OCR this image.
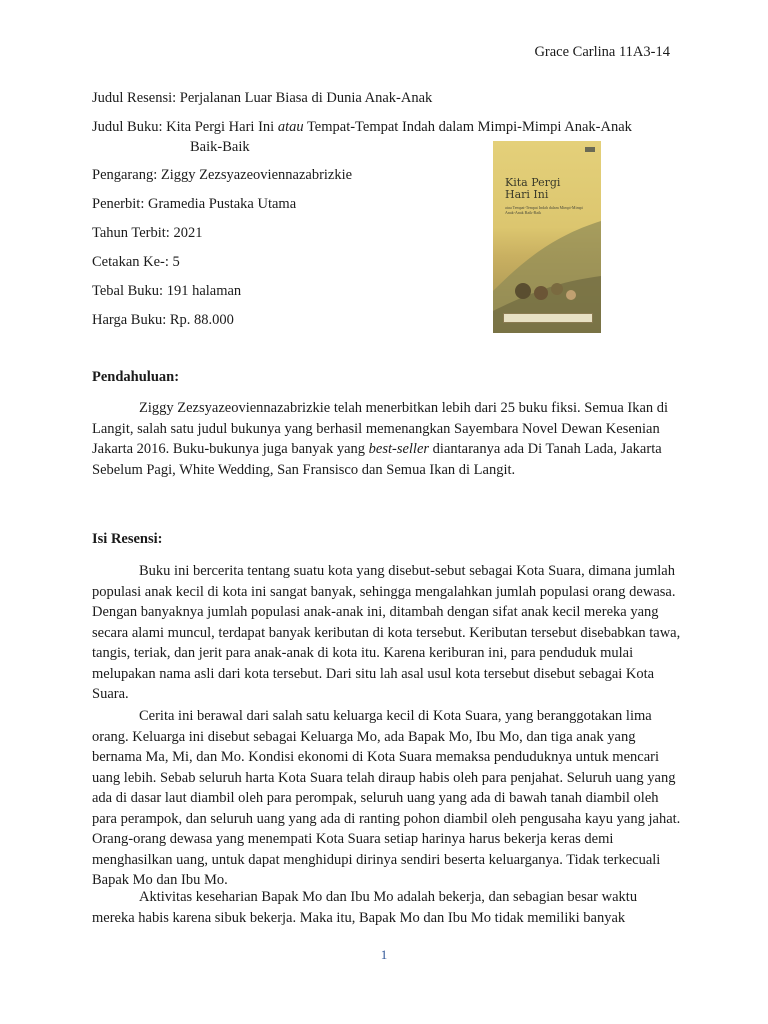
Grace Carlina 11A3-14
Judul Resensi: Perjalanan Luar Biasa di Dunia Anak-Anak
Judul Buku: Kita Pergi Hari Ini atau Tempat-Tempat Indah dalam Mimpi-Mimpi Anak-Anak
Baik-Baik
Pengarang: Ziggy Zezsyazeoviennazabrizkie
Penerbit: Gramedia Pustaka Utama
Tahun Terbit: 2021
Cetakan Ke-: 5
Tebal Buku: 191 halaman
Harga Buku: Rp. 88.000
Kita Pergi Hari Ini
atau Tempat-Tempat Indah dalam Mimpi-Mimpi Anak-Anak Baik-Baik
Pendahuluan:

Ziggy Zezsyazeoviennazabrizkie telah menerbitkan lebih dari 25 buku fiksi. Semua Ikan di Langit, salah satu judul bukunya yang berhasil memenangkan Sayembara Novel Dewan Kesenian Jakarta 2016. Buku-bukunya juga banyak yang best-seller diantaranya ada Di Tanah Lada, Jakarta Sebelum Pagi, White Wedding, San Fransisco dan Semua Ikan di Langit.

Isi Resensi:

Buku ini bercerita tentang suatu kota yang disebut-sebut sebagai Kota Suara, dimana jumlah populasi anak kecil di kota ini sangat banyak, sehingga mengalahkan jumlah populasi orang dewasa. Dengan banyaknya jumlah populasi anak-anak ini, ditambah dengan sifat anak kecil mereka yang secara alami muncul, terdapat banyak keributan di kota tersebut. Keributan tersebut disebabkan tawa, tangis, teriak, dan jerit para anak-anak di kota itu. Karena keriburan ini, para penduduk mulai melupakan nama asli dari kota tersebut. Dari situ lah asal usul kota tersebut disebut sebagai Kota Suara.

Cerita ini berawal dari salah satu keluarga kecil di Kota Suara, yang beranggotakan lima orang. Keluarga ini disebut sebagai Keluarga Mo, ada Bapak Mo, Ibu Mo, dan tiga anak yang bernama Ma, Mi, dan Mo. Kondisi ekonomi di Kota Suara memaksa penduduknya untuk mencari uang lebih. Sebab seluruh harta Kota Suara telah diraup habis oleh para penjahat. Seluruh uang yang ada di dasar laut diambil oleh para perompak, seluruh uang yang ada di bawah tanah diambil oleh para perampok, dan seluruh uang yang ada di ranting pohon diambil oleh pengusaha kayu yang jahat. Orang-orang dewasa yang menempati Kota Suara setiap harinya harus bekerja keras demi menghasilkan uang, untuk dapat menghidupi dirinya sendiri beserta keluarganya. Tidak terkecuali Bapak Mo dan Ibu Mo.

Aktivitas keseharian Bapak Mo dan Ibu Mo adalah bekerja, dan sebagian besar waktu mereka habis karena sibuk bekerja. Maka itu, Bapak Mo dan Ibu Mo tidak memiliki banyak

1
